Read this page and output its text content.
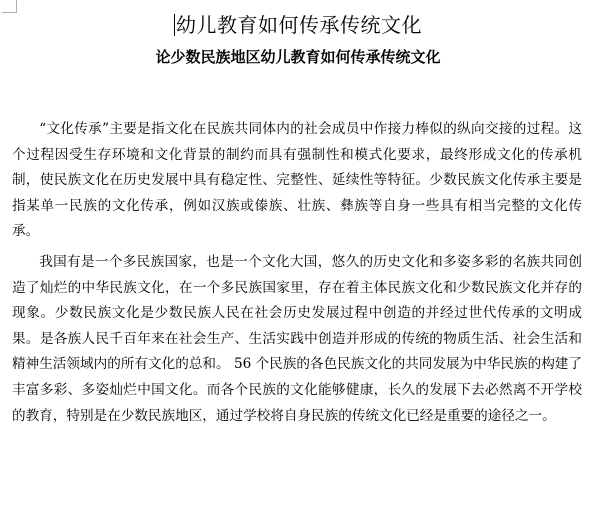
幼儿教育如何传承传统文化
论少数民族地区幼儿教育如何传承传统文化

“文化传承”主要是指文化在民族共同体内的社会成员中作接力棒似的纵向交接的过程。这个过程因受生存环境和文化背景的制约而具有强制性和模式化要求，最终形成文化的传承机制，使民族文化在历史发展中具有稳定性、完整性、延续性等特征。少数民族文化传承主要是指某单一民族的文化传承，例如汉族或傣族、壮族、彝族等自身一些具有相当完整的文化传承。

我国有是一个多民族国家，也是一个文化大国，悠久的历史文化和多姿多彩的名族共同创造了灿烂的中华民族文化，在一个多民族国家里，存在着主体民族文化和少数民族文化并存的现象。少数民族文化是少数民族人民在社会历史发展过程中创造的并经过世代传承的文明成果。是各族人民千百年来在社会生产、生活实践中创造并形成的传统的物质生活、社会生活和精神生活领域内的所有文化的总和。 56 个民族的各色民族文化的共同发展为中华民族的构建了丰富多彩、多姿灿烂中国文化。而各个民族的文化能够健康，长久的发展下去必然离不开学校的教育，特别是在少数民族地区，通过学校将自身民族的传统文化已经是重要的途径之一。
